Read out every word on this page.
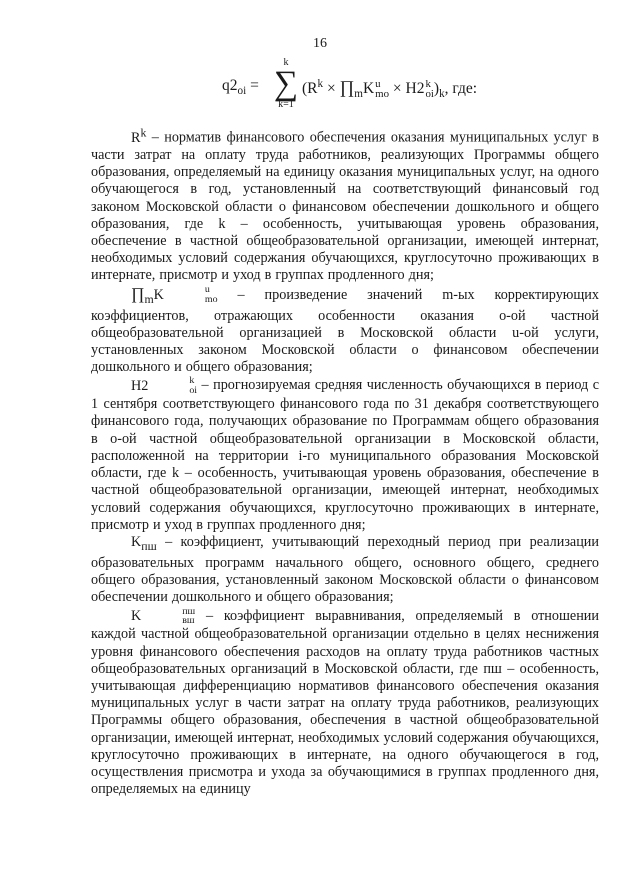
16
$q2_{oi}$ =
k
∑
k=1
($R^k$ × $\prod_mK$ u
mo × H2 k
oi )$_k$, где:

$R^k$ – норматив финансового обеспечения оказания муниципальных услуг в части затрат на оплату труда работников, реализующих Программы общего образования, определяемый на единицу оказания муниципальных услуг, на одного обучающегося в год, установленный на соответствующий финансовый год законом Московской области о финансовом обеспечении дошкольного и общего образования, где k – особенность, учитывающая уровень образования, обеспечение в частной общеобразовательной организации, имеющей интернат, необходимых условий содержания обучающихся, круглосуточно проживающих в интернате, присмотр и уход в группах продленного дня;

$\prod_mK$	u
mo – произведение значений m-ых корректирующих коэффициентов, отражающих особенности оказания o-ой частной общеобразовательной организацией в Московской области u-ой услуги, установленных законом Московской области о финансовом обеспечении дошкольного и общего образования;

H2	k
oi – прогнозируемая средняя численность обучающихся в период с 1 сентября соответствующего финансового года по 31 декабря соответствующего финансового года, получающих образование по Программам общего образования в o-ой частной общеобразовательной организации в Московской области, расположенной на территории i-го муниципального образования Московской области, где k – особенность, учитывающая уровень образования, обеспечение в частной общеобразовательной организации, имеющей интернат, необходимых условий содержания обучающихся, круглосуточно проживающих в интернате, присмотр и уход в группах продленного дня;

$K_{пш}$ – коэффициент, учитывающий переходный период при реализации образовательных программ начального общего, основного общего, среднего общего образования, установленный законом Московской области о финансовом обеспечении дошкольного и общего образования;

K	пш
вш – коэффициент выравнивания, определяемый в отношении каждой частной общеобразовательной организации отдельно в целях неснижения уровня финансового обеспечения расходов на оплату труда работников частных общеобразовательных организаций в Московской области, где пш – особенность, учитывающая дифференциацию нормативов финансового обеспечения оказания муниципальных услуг в части затрат на оплату труда работников, реализующих Программы общего образования, обеспечения в частной общеобразовательной организации, имеющей интернат, необходимых условий содержания обучающихся, круглосуточно проживающих в интернате, на одного обучающегося в год, осуществления присмотра и ухода за обучающимися в группах продленного дня, определяемых на единицу
